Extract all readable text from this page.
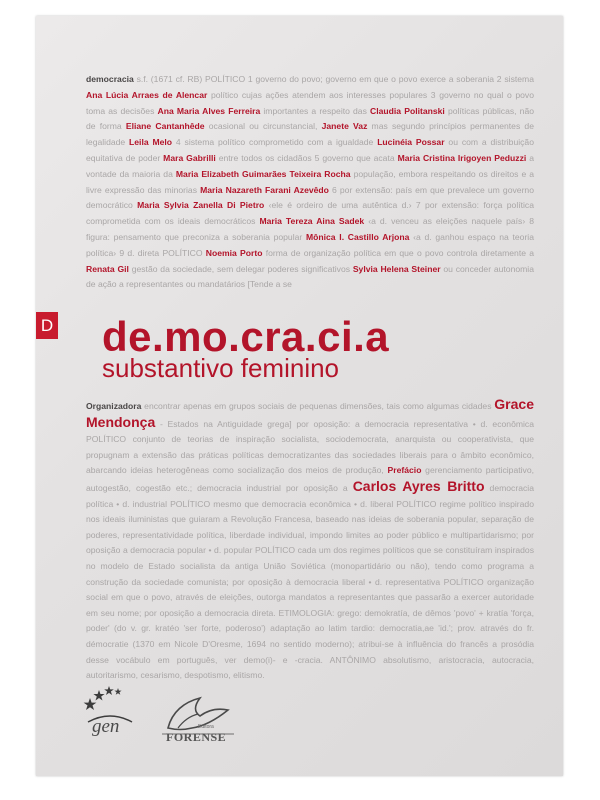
democracia s.f. (1671 cf. RB) POLÍTICO 1 governo do povo; governo em que o povo exerce a soberania 2 sistema Ana Lúcia Arraes de Alencar político cujas ações atendem aos interesses populares 3 governo no qual o povo toma as decisões Ana Maria Alves Ferreira importantes a respeito das Claudia Politanski políticas públicas, não de forma Eliane Cantanhêde ocasional ou circunstancial, Janete Vaz mas segundo princípios permanentes de legalidade Leila Melo 4 sistema político comprometido com a igualdade Lucinéia Possar ou com a distribuição equitativa de poder Mara Gabrilli entre todos os cidadãos 5 governo que acata Maria Cristina Irigoyen Peduzzi a vontade da maioria da Maria Elizabeth Guimarães Teixeira Rocha população, embora respeitando os direitos e a livre expressão das minorias Maria Nazareth Farani Azevêdo 6 por extensão: país em que prevalece um governo democrático Maria Sylvia Zanella Di Pietro ‹ele é ordeiro de uma autêntica d.› 7 por extensão: força política comprometida com os ideais democráticos Maria Tereza Aina Sadek ‹a d. venceu as eleições naquele país› 8 figura: pensamento que preconiza a soberania popular Mônica I. Castillo Arjona ‹a d. ganhou espaço na teoria política› 9 d. direta POLÍTICO Noemia Porto forma de organização política em que o povo controla diretamente a Renata Gil gestão da sociedade, sem delegar poderes significativos Sylvia Helena Steiner ou conceder autonomia de ação a representantes ou mandatários [Tende a se

D de.mo.cra.ci.a
substantivo feminino

Organizadora encontrar apenas em grupos sociais de pequenas dimensões, tais como algumas cidades Grace Mendonça - Estados na Antiguidade grega] por oposição: a democracia representativa • d. econômica POLÍTICO conjunto de teorias de inspiração socialista, sociodemocrata, anarquista ou cooperativista, que propugnam a extensão das práticas políticas democratizantes das sociedades liberais para o âmbito econômico, abarcando ideias heterogêneas como socialização dos meios de produção, Prefácio gerenciamento participativo, autogestão, cogestão etc.; democracia industrial por oposição a Carlos Ayres Britto democracia política • d. industrial POLÍTICO mesmo que democracia econômica • d. liberal POLÍTICO regime político inspirado nos ideais iluministas que guiaram a Revolução Francesa, baseado nas ideias de soberania popular, separação de poderes, representatividade política, liberdade individual, impondo limites ao poder público e multipartidarismo; por oposição a democracia popular • d. popular POLÍTICO cada um dos regimes políticos que se constituíram inspirados no modelo de Estado socialista da antiga União Soviética (monopartidário ou não), tendo como programa a construção da sociedade comunista; por oposição à democracia liberal • d. representativa POLÍTICO organização social em que o povo, através de eleições, outorga mandatos a representantes que passarão a exercer autoridade em seu nome; por oposição a democracia direta. ETIMOLOGIA: grego: demokratía, de dêmos 'povo' + kratía 'força, poder' (do v. gr. kratéo 'ser forte, poderoso') adaptação ao latim tardio: democratia,ae 'id.'; prov. através do fr. démocratie (1370 em Nicole D'Oresme, 1694 no sentido moderno); atribui-se à influência do francês a prosódia desse vocábulo em português, ver demo(i)- e -cracia. ANTÔNIMO absolutismo, aristocracia, autocracia, autoritarismo, cesarismo, despotismo, elitismo.

gen	FORENSE
Editora
